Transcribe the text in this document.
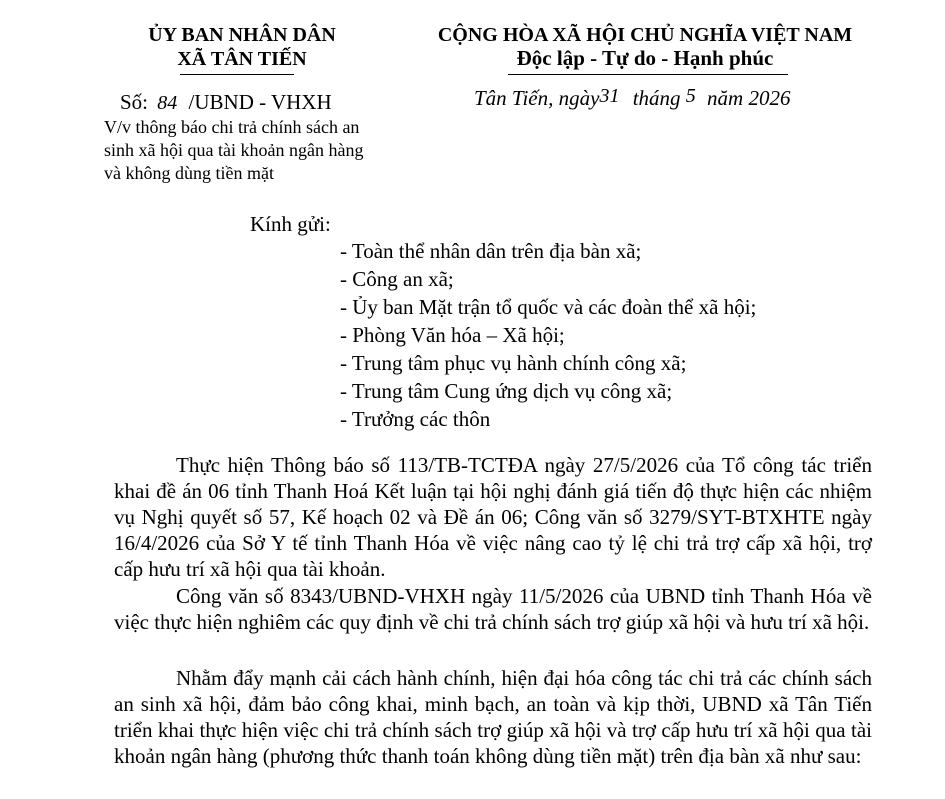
ỦY BAN NHÂN DÂN
XÃ TÂN TIẾN
CỘNG HÒA XÃ HỘI CHỦ NGHĨA VIỆT NAM
Độc lập - Tự do - Hạnh phúc
Số: 84 /UBND - VHXH	Tân Tiến, ngày31 tháng 5 năm 2026
V/v thông báo chi trả chính sách an
sinh xã hội qua tài khoản ngân hàng
và không dùng tiền mặt
Kính gửi:
- Toàn thể nhân dân trên địa bàn xã;
- Công an xã;
- Ủy ban Mặt trận tổ quốc và các đoàn thể xã hội;
- Phòng Văn hóa – Xã hội;
- Trung tâm phục vụ hành chính công xã;
- Trung tâm Cung ứng dịch vụ công xã;
- Trưởng các thôn
Thực hiện Thông báo số 113/TB-TCTĐA ngày 27/5/2026 của Tổ công tác triển khai đề án 06 tỉnh Thanh Hoá Kết luận tại hội nghị đánh giá tiến độ thực hiện các nhiệm vụ Nghị quyết số 57, Kế hoạch 02 và Đề án 06; Công văn số 3279/SYT-BTXHTE ngày 16/4/2026 của Sở Y tế tỉnh Thanh Hóa về việc nâng cao tỷ lệ chi trả trợ cấp xã hội, trợ cấp hưu trí xã hội qua tài khoản.
Công văn số 8343/UBND-VHXH ngày 11/5/2026 của UBND tỉnh Thanh Hóa về việc thực hiện nghiêm các quy định về chi trả chính sách trợ giúp xã hội và hưu trí xã hội.
Nhằm đẩy mạnh cải cách hành chính, hiện đại hóa công tác chi trả các chính sách an sinh xã hội, đảm bảo công khai, minh bạch, an toàn và kịp thời, UBND xã Tân Tiến triển khai thực hiện việc chi trả chính sách trợ giúp xã hội và trợ cấp hưu trí xã hội qua tài khoản ngân hàng (phương thức thanh toán không dùng tiền mặt) trên địa bàn xã như sau:
